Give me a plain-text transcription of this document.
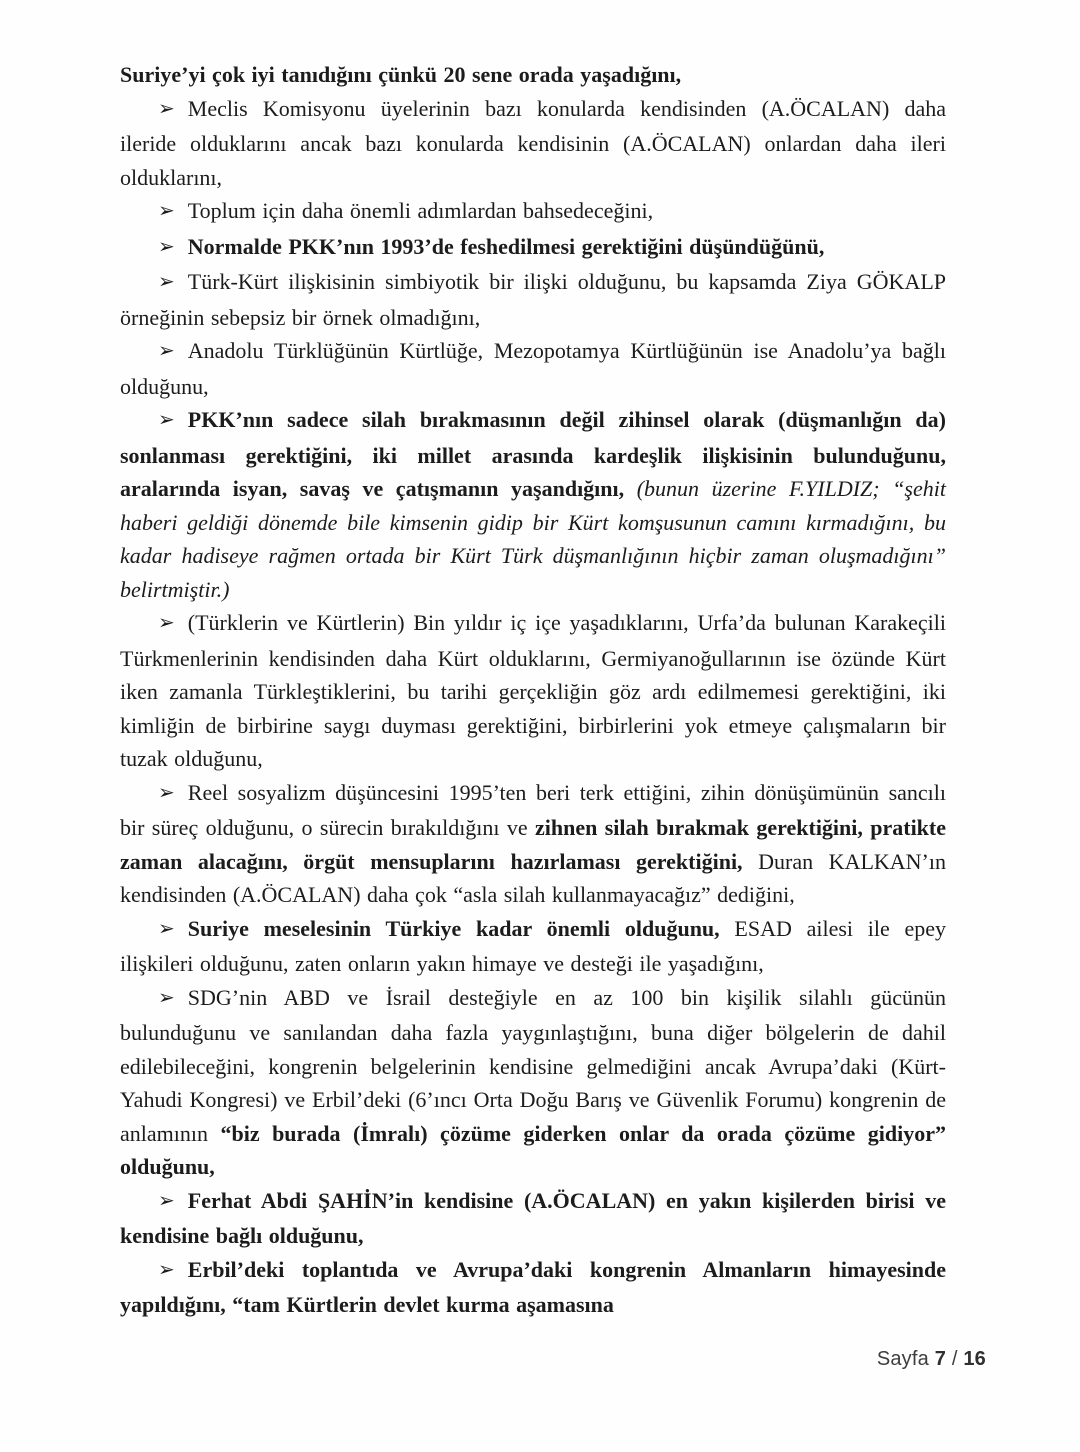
Suriye’yi çok iyi tanıdığını çünkü 20 sene orada yaşadığını,

➢ Meclis Komisyonu üyelerinin bazı konularda kendisinden (A.ÖCALAN) daha ileride olduklarını ancak bazı konularda kendisinin (A.ÖCALAN) onlardan daha ileri olduklarını,

➢ Toplum için daha önemli adımlardan bahsedeceğini,

➢ Normalde PKK’nın 1993’de feshedilmesi gerektiğini düşündüğünü,

➢ Türk-Kürt ilişkisinin simbiyotik bir ilişki olduğunu, bu kapsamda Ziya GÖKALP örneğinin sebepsiz bir örnek olmadığını,

➢ Anadolu Türklüğünün Kürtlüğe, Mezopotamya Kürtlüğünün ise Anadolu’ya bağlı olduğunu,

➢ PKK’nın sadece silah bırakmasının değil zihinsel olarak (düşmanlığın da) sonlanması gerektiğini, iki millet arasında kardeşlik ilişkisinin bulunduğunu, aralarında isyan, savaş ve çatışmanın yaşandığını, (bunun üzerine F.YILDIZ; “şehit haberi geldiği dönemde bile kimsenin gidip bir Kürt komşusunun camını kırmadığını, bu kadar hadiseye rağmen ortada bir Kürt Türk düşmanlığının hiçbir zaman oluşmadığını” belirtmiştir.)

➢ (Türklerin ve Kürtlerin) Bin yıldır iç içe yaşadıklarını, Urfa’da bulunan Karakeçili Türkmenlerinin kendisinden daha Kürt olduklarını, Germiyanoğullarının ise özünde Kürt iken zamanla Türkleştiklerini, bu tarihi gerçekliğin göz ardı edilmemesi gerektiğini, iki kimliğin de birbirine saygı duyması gerektiğini, birbirlerini yok etmeye çalışmaların bir tuzak olduğunu,

➢ Reel sosyalizm düşüncesini 1995’ten beri terk ettiğini, zihin dönüşümünün sancılı bir süreç olduğunu, o sürecin bırakıldığını ve zihnen silah bırakmak gerektiğini, pratikte zaman alacağını, örgüt mensuplarını hazırlaması gerektiğini, Duran KALKAN’ın kendisinden (A.ÖCALAN) daha çok “asla silah kullanmayacağız” dediğini,

➢ Suriye meselesinin Türkiye kadar önemli olduğunu, ESAD ailesi ile epey ilişkileri olduğunu, zaten onların yakın himaye ve desteği ile yaşadığını,

➢ SDG’nin ABD ve İsrail desteğiyle en az 100 bin kişilik silahlı gücünün bulunduğunu ve sanılandan daha fazla yaygınlaştığını, buna diğer bölgelerin de dahil edilebileceğini, kongrenin belgelerinin kendisine gelmediğini ancak Avrupa’daki (Kürt-Yahudi Kongresi) ve Erbil’deki (6’ıncı Orta Doğu Barış ve Güvenlik Forumu) kongrenin de anlamının “biz burada (İmralı) çözüme giderken onlar da orada çözüme gidiyor” olduğunu,

➢ Ferhat Abdi ŞAHİN’in kendisine (A.ÖCALAN) en yakın kişilerden birisi ve kendisine bağlı olduğunu,

➢ Erbil’deki toplantıda ve Avrupa’daki kongrenin Almanların himayesinde yapıldığını, “tam Kürtlerin devlet kurma aşamasına

Sayfa 7 / 16
